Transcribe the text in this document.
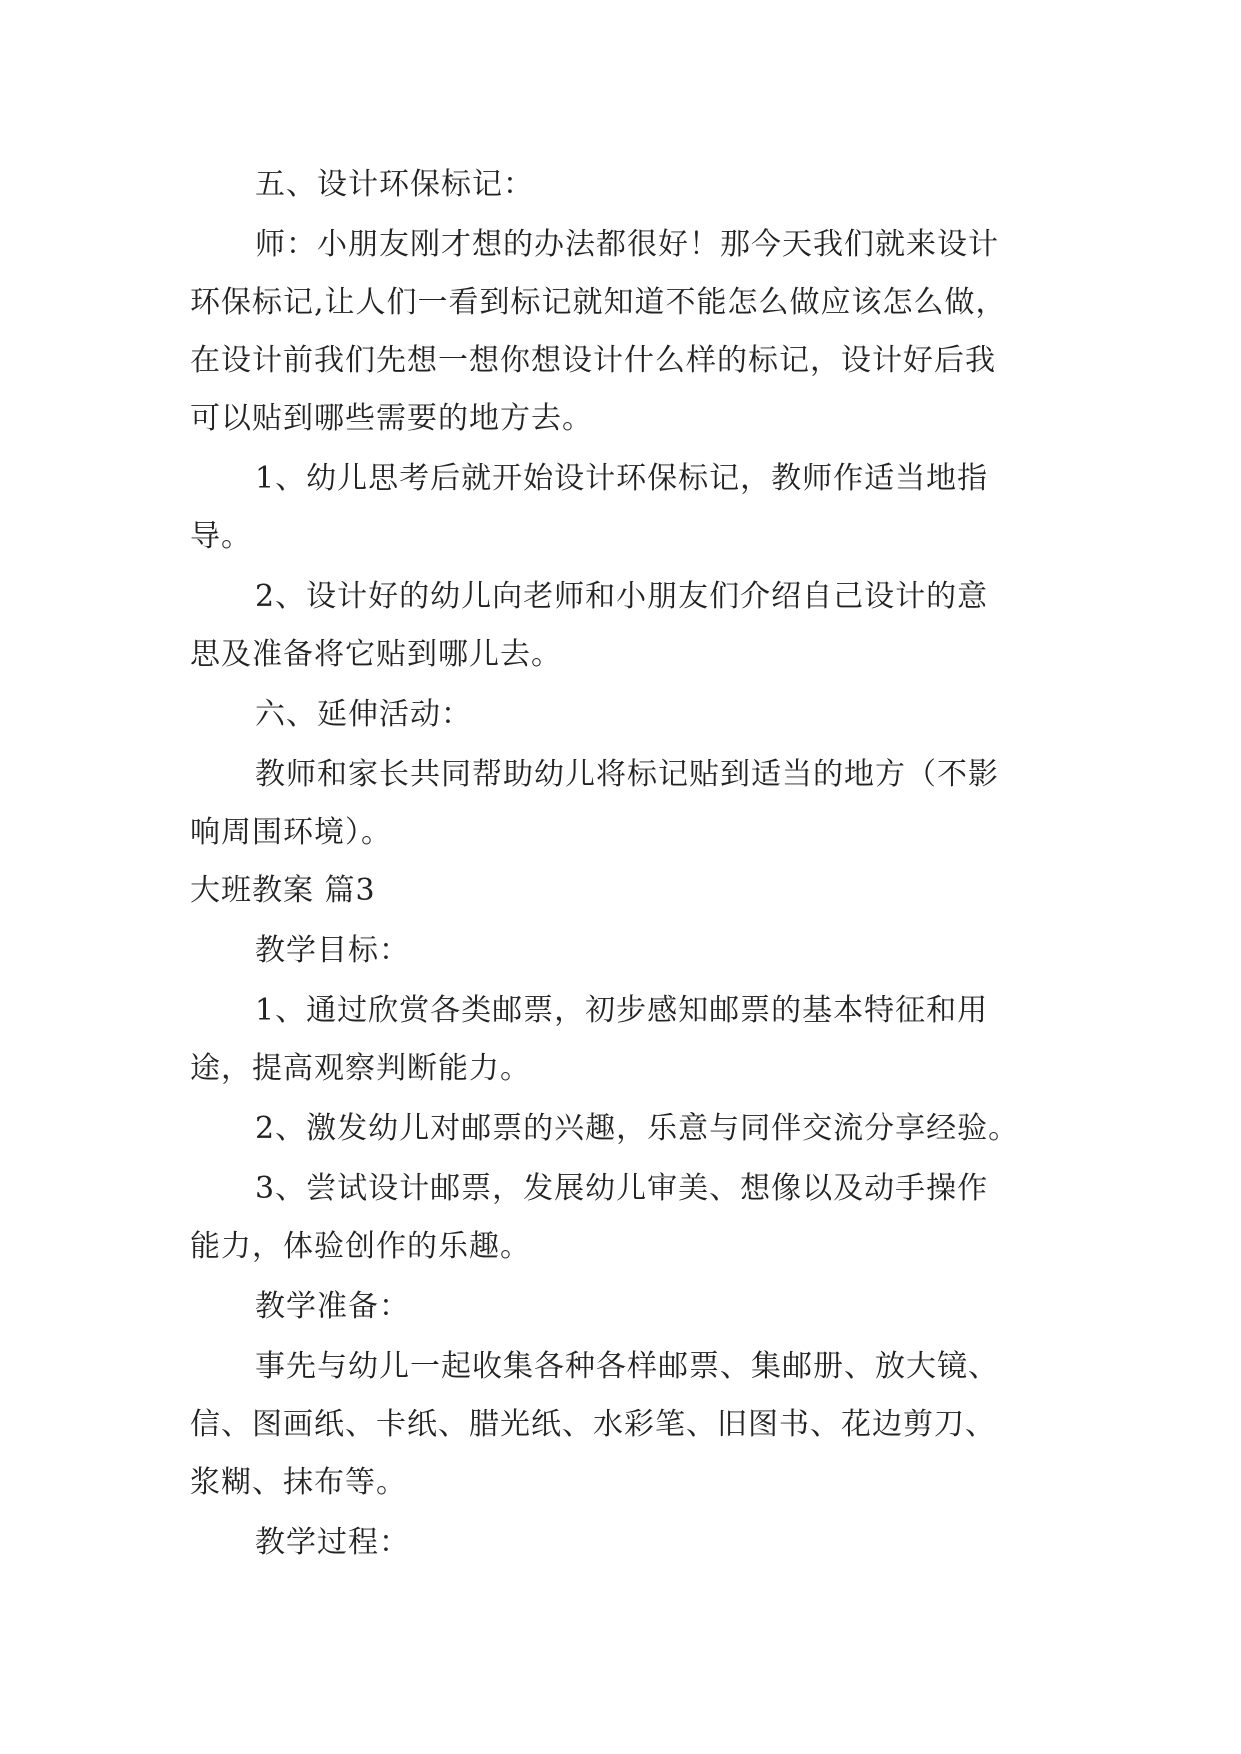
五、设计环保标记：
师：小朋友刚才想的办法都很好！那今天我们就来设计
环保标记,让人们一看到标记就知道不能怎么做应该怎么做，
在设计前我们先想一想你想设计什么样的标记，设计好后我
可以贴到哪些需要的地方去。
1、幼儿思考后就开始设计环保标记，教师作适当地指
导。
2、设计好的幼儿向老师和小朋友们介绍自己设计的意
思及准备将它贴到哪儿去。
六、延伸活动：
教师和家长共同帮助幼儿将标记贴到适当的地方（不影
响周围环境）。
大班教案 篇3
教学目标：
1、通过欣赏各类邮票，初步感知邮票的基本特征和用
途，提高观察判断能力。
2、激发幼儿对邮票的兴趣，乐意与同伴交流分享经验。
3、尝试设计邮票，发展幼儿审美、想像以及动手操作
能力，体验创作的乐趣。
教学准备：
事先与幼儿一起收集各种各样邮票、集邮册、放大镜、
信、图画纸、卡纸、腊光纸、水彩笔、旧图书、花边剪刀、
浆糊、抹布等。
教学过程：
